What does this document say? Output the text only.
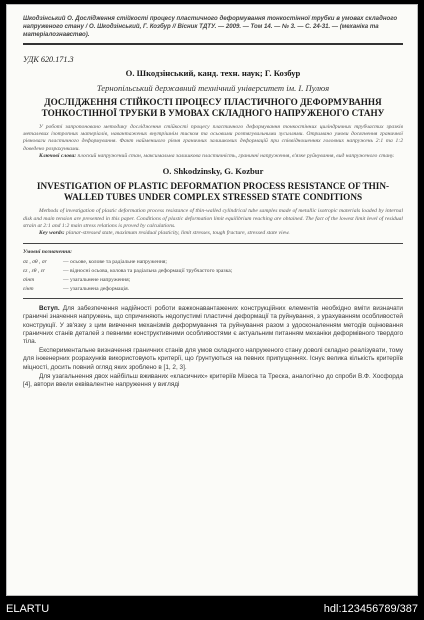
Шкодзінський О. Дослідження стійкості процесу пластичного деформування тонкостінної трубки в умовах складного напруженого стану / О. Шкодзінський, Г. Козбур // Вісник ТДТУ. — 2009. — Том 14. — № 3. — С. 24-31. — (механіка та матеріалознавство).

УДК 620.171.3

О. Шкодзінський, канд. техн. наук; Г. Козбур

Тернопільський державний технічний університет ім. І. Пулюя

ДОСЛІДЖЕННЯ СТІЙКОСТІ ПРОЦЕСУ ПЛАСТИЧНОГО ДЕФОРМУВАННЯ ТОНКОСТІННОЇ ТРУБКИ В УМОВАХ СКЛАДНОГО НАПРУЖЕНОГО СТАНУ

У роботі запропоновано методику дослідження стійкості процесу пластичного деформування тонкостінних циліндричних трубчастих зразків металевих ізотропних матеріалів, навантажених внутрішнім тиском та осьовими розтягувальними зусиллями. Отримано умови досягнення граничної рівноваги пластичного деформування. Факт найменшого рівня граничних залишкових деформацій при співвідношеннях головних напружень 2:1 та 1:2 доведено розрахунками.

Ключові слова: плоский напружений стан, максимальна залишкова пластичність, граничні напруження, в'язке руйнування, вид напруженого стану.

O. Shkodzinsky, G. Kozbur

INVESTIGATION OF PLASTIC DEFORMATION PROCESS RESISTANCE OF THIN-WALLED TUBES UNDER COMPLEX STRESSED STATE CONDITIONS

Methods of investigation of plastic deformation process resistance of thin-walled cylindrical tube samples made of metallic isotropic materials loaded by internal disk and main tension are presented in this paper. Conditions of plastic deformation limit equilibrium reaching are obtained. The fact of the lowest limit level of residual strain at 2:1 and 1:2 main stress relations is proved by calculations.

Key words: planar-stressed state, maximum residual plasticity, limit stresses, tough fracture, stressed state view.

Умовні позначення:

σz , σθ , σr	— осьове, колове та радіальне напруження;
εz , εθ , εr	— відносні осьова, колова та радіальна деформації трубчастого зразка;
σінт	— узагальнене напруження;
εінт	— узагальнена деформація.

Вступ. Для забезпечення надійності роботи важконавантажених конструкційних елементів необхідно вміти визначати граничні значення напружень, що спричиняють недопустимі пластичні деформації та руйнування, з урахуванням особливостей конструкції. У зв'язку з цим вивчення механізмів деформування та руйнування разом з удосконаленням методів оцінювання граничних станів деталей з певними конструктивними особливостями є актуальним питанням механіки деформівного твердого тіла.

Експериментальне визначення граничних станів для умов складного напруженого стану доволі складно реалізувати, тому для інженерних розрахунків використовують критерії, що ґрунтуються на певних припущеннях. Існує велика кількість критеріїв міцності, досить повний огляд яких зроблено в [1, 2, 3].

Для узагальнення двох найбільш вживаних «класичних» критеріїв Мізеса та Треска, аналогічно до спроби В.Ф. Хосфорда [4], автори ввели еквівалентне напруження у вигляді

ELARTU	hdl:123456789/387
